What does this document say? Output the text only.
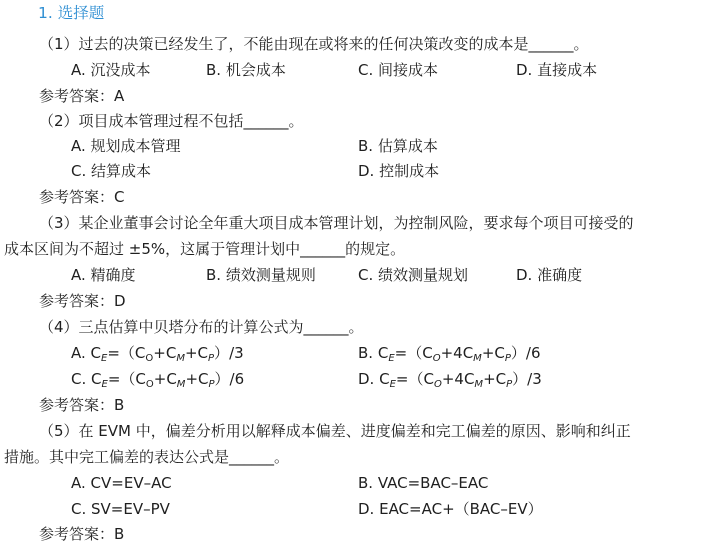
1. 选择题
（1）过去的决策已经发生了，不能由现在或将来的任何决策改变的成本是______。
A. 沉没成本	B. 机会成本	C. 间接成本	D. 直接成本
参考答案：A
（2）项目成本管理过程不包括______。
A. 规划成本管理	B. 估算成本
C. 结算成本	D. 控制成本
参考答案：C
（3）某企业董事会讨论全年重大项目成本管理计划，为控制风险，要求每个项目可接受的
成本区间为不超过 ±5%，这属于管理计划中______的规定。
A. 精确度	B. 绩效测量规则	C. 绩效测量规划	D. 准确度
参考答案：D
（4）三点估算中贝塔分布的计算公式为______。
A. $C_E=(C_O+C_M+C_P)/3$	B. $C_E=(C_O+4C_M+C_P)/6$
C. $C_E=(C_O+C_M+C_P)/6$	D. $C_E=(C_O+4C_M+C_P)/3$
参考答案：B
（5）在 EVM 中，偏差分析用以解释成本偏差、进度偏差和完工偏差的原因、影响和纠正
措施。其中完工偏差的表达公式是______。
A. CV=EV–AC	B. VAC=BAC–EAC
C. SV=EV–PV	D. EAC=AC+（BAC–EV）
参考答案：B
